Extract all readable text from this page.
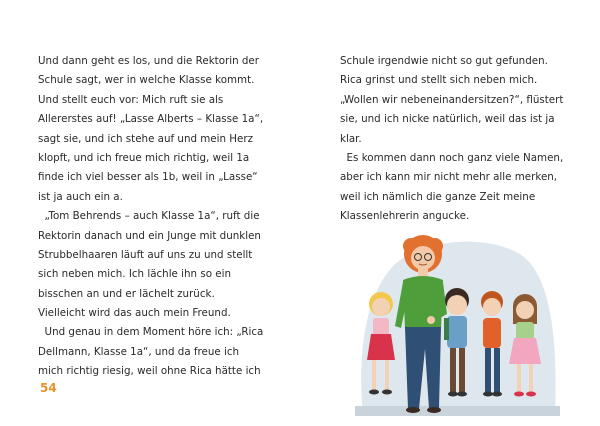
Und dann geht es los, und die Rektorin der
Schule sagt, wer in welche Klasse kommt.
Und stellt euch vor: Mich ruft sie als
Allererstes auf! „Lasse Alberts – Klasse 1a“,
sagt sie, und ich stehe auf und mein Herz
klopft, und ich freue mich richtig, weil 1a
finde ich viel besser als 1b, weil in „Lasse“
ist ja auch ein a.
„Tom Behrends – auch Klasse 1a“, ruft die
Rektorin danach und ein Junge mit dunklen
Strubbelhaaren läuft auf uns zu und stellt
sich neben mich. Ich lächle ihn so ein
bisschen an und er lächelt zurück.
Vielleicht wird das auch mein Freund.
Und genau in dem Moment höre ich: „Rica
Dellmann, Klasse 1a“, und da freue ich
mich richtig riesig, weil ohne Rica hätte ich
54
Schule irgendwie nicht so gut gefunden.
Rica grinst und stellt sich neben mich.
„Wollen wir nebeneinandersitzen?“, flüstert
sie, und ich nicke natürlich, weil das ist ja
klar.
Es kommen dann noch ganz viele Namen,
aber ich kann mir nicht mehr alle merken,
weil ich nämlich die ganze Zeit meine
Klassenlehrerin angucke.
